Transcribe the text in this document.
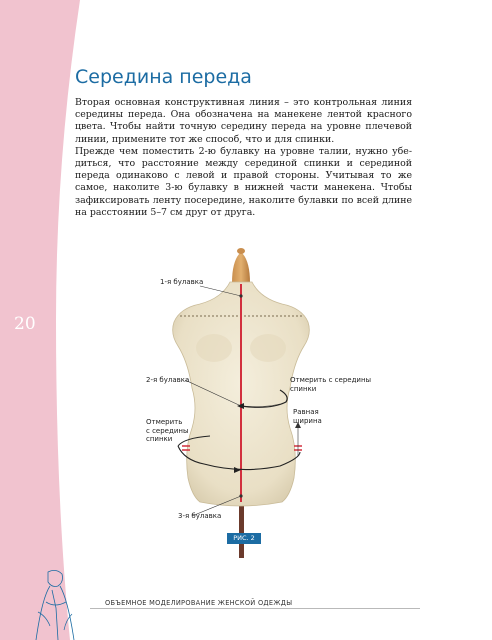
20
Середина переда

Вторая основная конструктивная линия – это контрольная линия середины переда. Она обозначена на манекене лентой красного цвета. Чтобы найти точную середину переда на уровне плечевой линии, примените тот же способ, что и для спинки.

Прежде чем поместить 2-ю булавку на уровне талии, нужно убедиться, что расстояние между серединой спинки и серединой переда одинаково с левой и правой стороны. Учитывая то же самое, наколите 3-ю булавку в нижней части манекена. Чтобы зафиксировать ленту посередине, наколите булавки по всей длине на расстоянии 5–7 см друг от друга.

1-я булавка
2-я булавка
3-я булавка
Отмерить с середины
спинки
Отмерить
с середины
спинки
Равная
ширина
РИС. 2
ОБЪЕМНОЕ МОДЕЛИРОВАНИЕ ЖЕНСКОЙ ОДЕЖДЫ
